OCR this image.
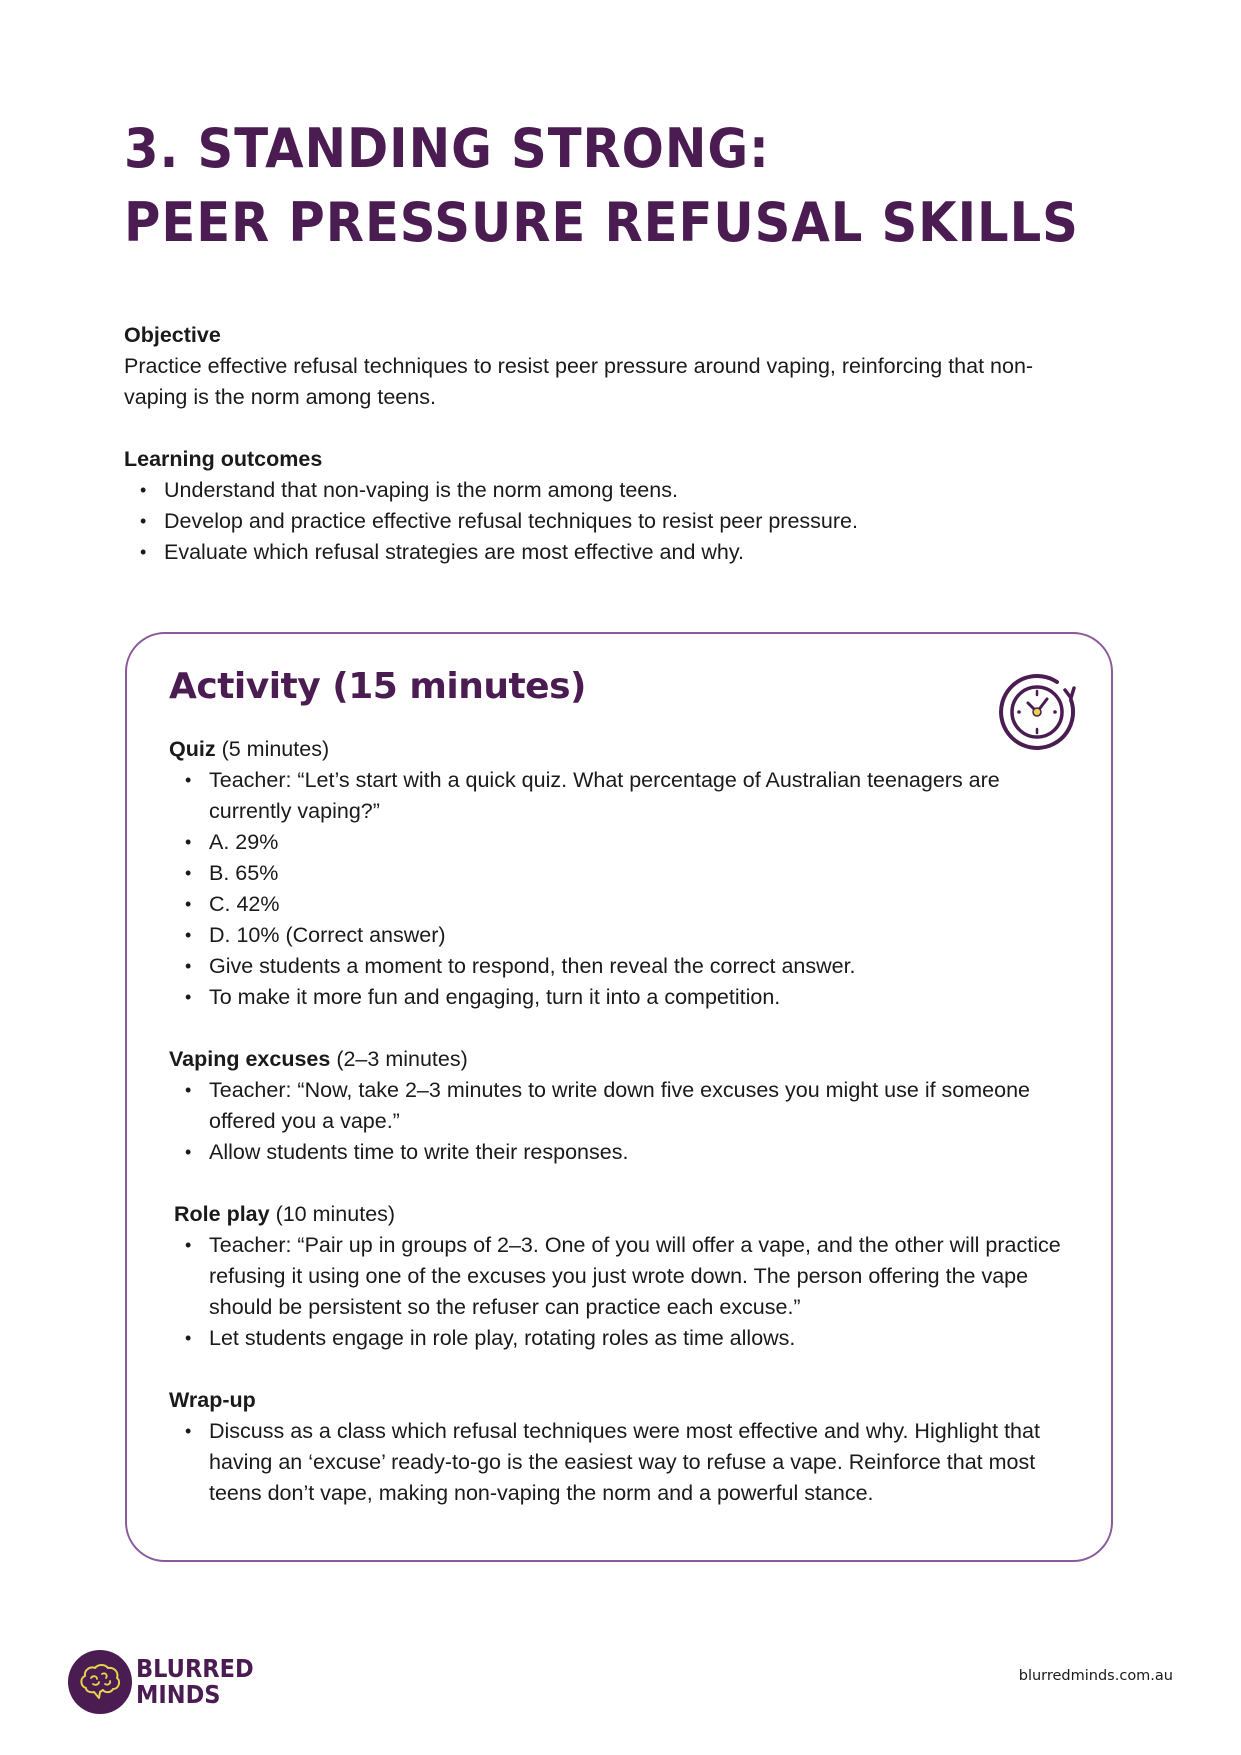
3. STANDING STRONG:
PEER PRESSURE REFUSAL SKILLS

Objective

Practice effective refusal techniques to resist peer pressure around vaping, reinforcing that non-vaping is the norm among teens.

Learning outcomes

• Understand that non-vaping is the norm among teens.
• Develop and practice effective refusal techniques to resist peer pressure.
• Evaluate which refusal strategies are most effective and why.
Activity (15 minutes)

Quiz (5 minutes)

• Teacher: “Let’s start with a quick quiz. What percentage of Australian teenagers are currently vaping?”
• A. 29%
• B. 65%
• C. 42%
• D. 10% (Correct answer)
• Give students a moment to respond, then reveal the correct answer.
• To make it more fun and engaging, turn it into a competition.

Vaping excuses (2–3 minutes)

• Teacher: “Now, take 2–3 minutes to write down five excuses you might use if someone offered you a vape.”
• Allow students time to write their responses.

Role play (10 minutes)

• Teacher: “Pair up in groups of 2–3. One of you will offer a vape, and the other will practice refusing it using one of the excuses you just wrote down. The person offering the vape should be persistent so the refuser can practice each excuse.”
• Let students engage in role play, rotating roles as time allows.

Wrap-up

• Discuss as a class which refusal techniques were most effective and why. Highlight that having an ‘excuse’ ready-to-go is the easiest way to refuse a vape. Reinforce that most teens don’t vape, making non-vaping the norm and a powerful stance.
BLURRED
MINDS
blurredminds.com.au
